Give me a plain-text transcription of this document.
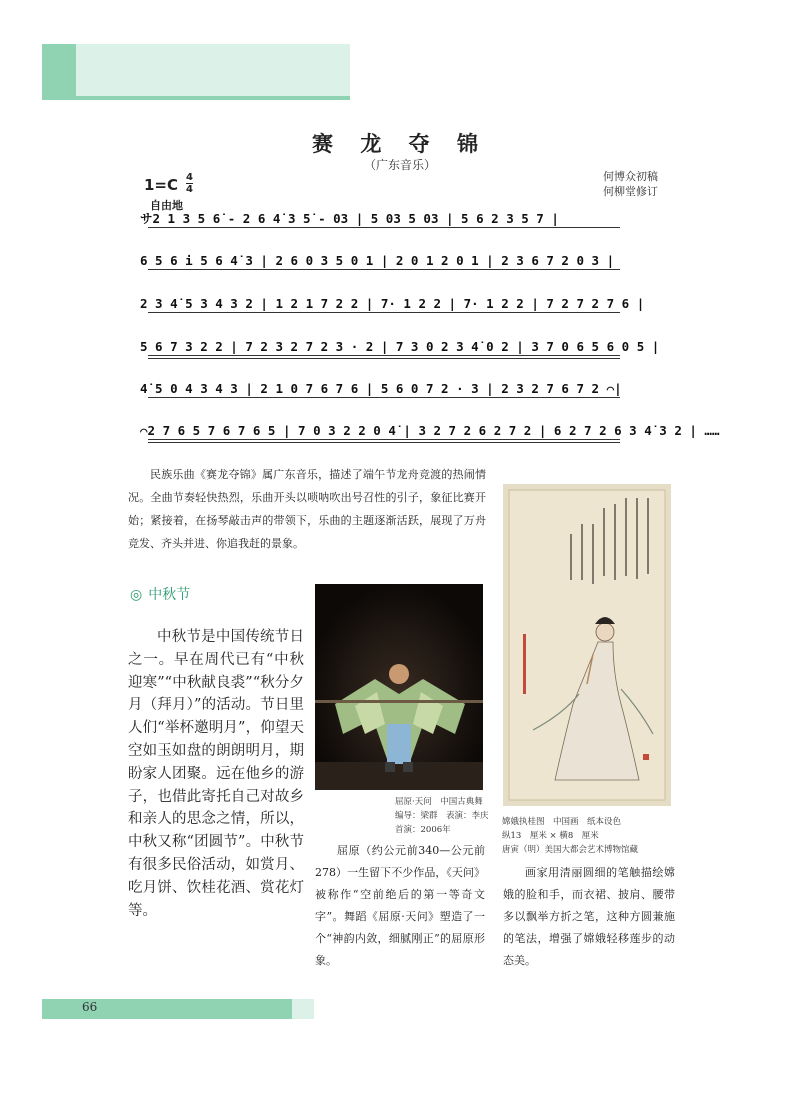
赛 龙 夺 锦
（广东音乐）
何博众初稿
何柳堂修订
$1=C \frac{4}{4}$
自由地
サ2 1 3 5 6̇ - 2 6 4̇ 3 5̇ - 03 | 5 03 5 03 | 5 6 2 3 5 7 |
6 5 6 i 5 6 4̇ 3 | 2 6 0 3 5 0 1 | 2 0 1 2 0 1 | 2 3 6 7 2 0 3 |
2 3 4̇ 5 3 4 3 2 | 1 2 1 7 2 2 | 7· 1 2 2 | 7· 1 2 2 | 7 2 7 2 7 6 |
5 6 7 3 2 2 | 7 2 3 2 7 2 3 · 2 | 7 3 0 2 3 4̇ 0 2 | 3 7 0 6 5 6 0 5 |
4̇ 5 0 4 3 4 3 | 2 1 0 7 6 7 6 | 5 6 0 7 2 · 3 | 2 3 2 7 6 7 2 ⌒|
⌒2 7 6 5 7 6 7 6 5 | 7 0 3 2 2 0 4̇ | 3 2 7 2 6 2 7 2 | 6 2 7 2 6 3 4̇ 3 2 | ……
民族乐曲《赛龙夺锦》属广东音乐，描述了端午节龙舟竞渡的热闹情况。全曲节奏轻快热烈，乐曲开头以唢呐吹出号召性的引子，象征比赛开始；紧接着，在扬琴敲击声的带领下，乐曲的主题逐渐活跃，展现了万舟竞发、齐头并进、你追我赶的景象。
◎ 中秋节
中秋节是中国传统节日之一。早在周代已有“中秋迎寒”“中秋献良裘”“秋分夕月（拜月）”的活动。节日里人们“举杯邀明月”，仰望天空如玉如盘的朗朗明月，期盼家人团聚。远在他乡的游子，也借此寄托自己对故乡和亲人的思念之情，所以，中秋又称“团圆节”。中秋节有很多民俗活动，如赏月、吃月饼、饮桂花酒、赏花灯等。
屈原·天问　中国古典舞
编导：梁群　表演：李庆
首演：2006年
屈原（约公元前340—公元前278）一生留下不少作品，《天问》被称作“空前绝后的第一等奇文字”。舞蹈《屈原·天问》塑造了一个“神韵内敛，细腻刚正”的屈原形象。
嫦娥执桂图　中国画　纸本设色
纵13　厘米 × 横8　厘米
唐寅（明）美国大都会艺术博物馆藏
画家用清丽圆细的笔触描绘嫦娥的脸和手，而衣裙、披肩、腰带多以飘举方折之笔，这种方圆兼施的笔法，增强了嫦娥轻移莲步的动态美。
66
